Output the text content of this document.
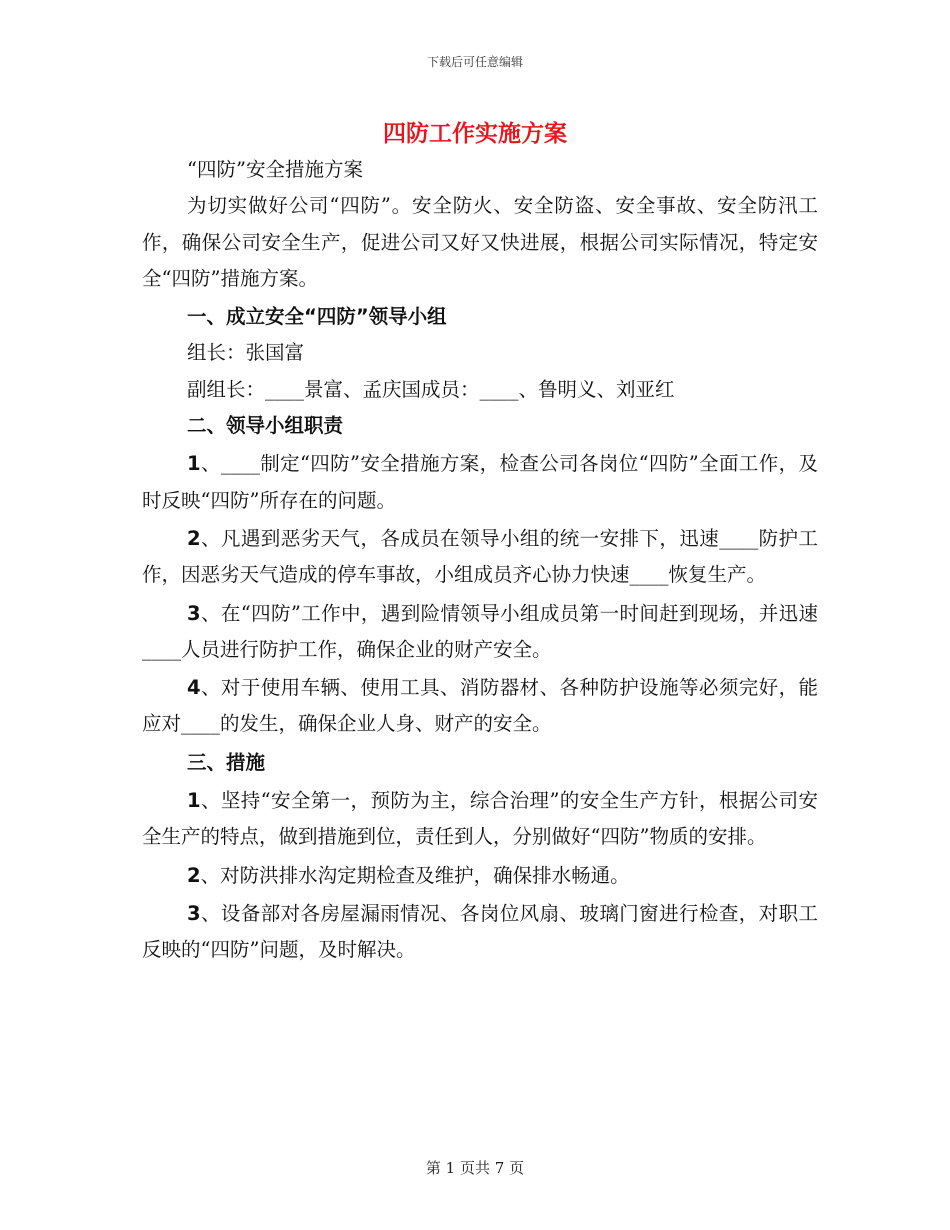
下载后可任意编辑
四防工作实施方案

“四防”安全措施方案

为切实做好公司“四防”。安全防火、安全防盗、安全事故、安全防汛工作，确保公司安全生产，促进公司又好又快进展，根据公司实际情况，特定安全“四防”措施方案。

一、成立安全“四防”领导小组

组长：张国富

副组长：____景富、孟庆国成员：____、鲁明义、刘亚红

二、领导小组职责

1、____制定“四防”安全措施方案，检查公司各岗位“四防”全面工作，及时反映“四防”所存在的问题。

2、凡遇到恶劣天气，各成员在领导小组的统一安排下，迅速____防护工作，因恶劣天气造成的停车事故，小组成员齐心协力快速____恢复生产。

3、在“四防”工作中，遇到险情领导小组成员第一时间赶到现场，并迅速____人员进行防护工作，确保企业的财产安全。

4、对于使用车辆、使用工具、消防器材、各种防护设施等必须完好，能应对____的发生，确保企业人身、财产的安全。

三、措施

1、坚持“安全第一，预防为主，综合治理”的安全生产方针，根据公司安全生产的特点，做到措施到位，责任到人，分别做好“四防”物质的安排。

2、对防洪排水沟定期检查及维护，确保排水畅通。

3、设备部对各房屋漏雨情况、各岗位风扇、玻璃门窗进行检查，对职工反映的“四防”问题，及时解决。

第 1 页共 7 页
